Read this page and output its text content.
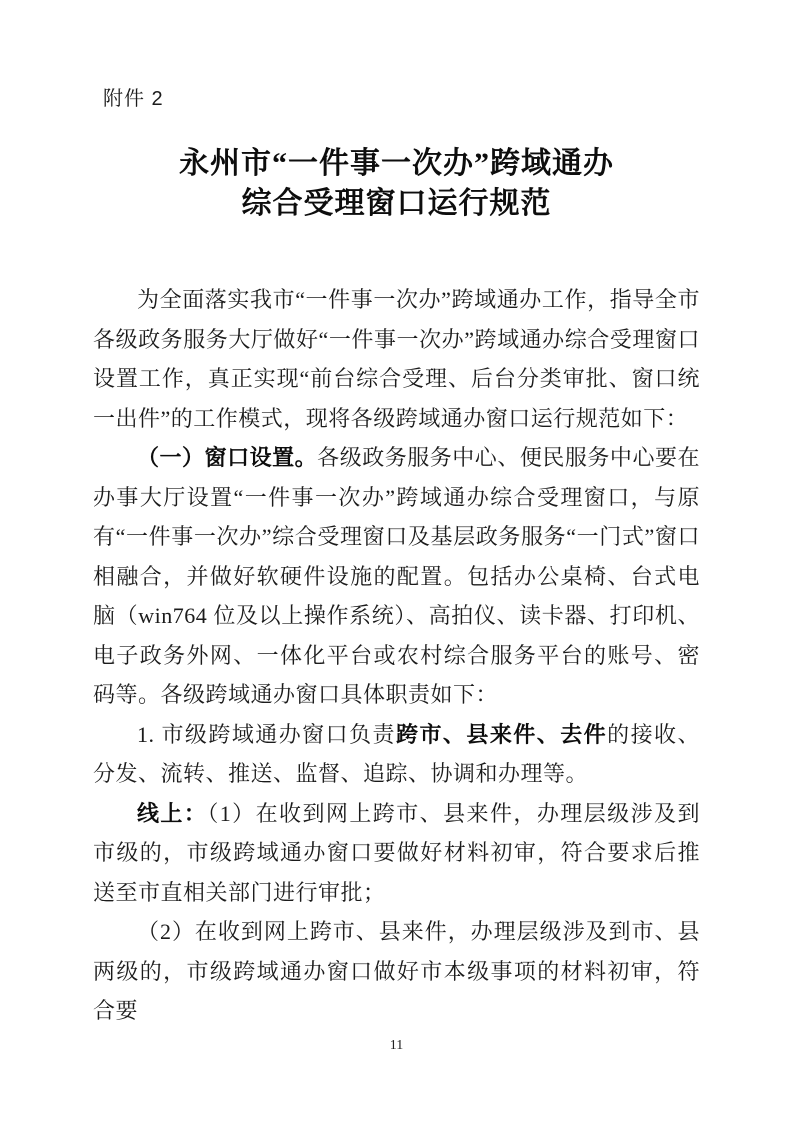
附件 2
永州市“一件事一次办”跨域通办
综合受理窗口运行规范

为全面落实我市“一件事一次办”跨域通办工作，指导全市各级政务服务大厅做好“一件事一次办”跨域通办综合受理窗口设置工作，真正实现“前台综合受理、后台分类审批、窗口统一出件”的工作模式，现将各级跨域通办窗口运行规范如下：

（一）窗口设置。各级政务服务中心、便民服务中心要在办事大厅设置“一件事一次办”跨域通办综合受理窗口，与原有“一件事一次办”综合受理窗口及基层政务服务“一门式”窗口相融合，并做好软硬件设施的配置。包括办公桌椅、台式电脑（win764 位及以上操作系统）、高拍仪、读卡器、打印机、电子政务外网、一体化平台或农村综合服务平台的账号、密码等。各级跨域通办窗口具体职责如下：

1. 市级跨域通办窗口负责跨市、县来件、去件的接收、分发、流转、推送、监督、追踪、协调和办理等。

线上：（1）在收到网上跨市、县来件，办理层级涉及到市级的，市级跨域通办窗口要做好材料初审，符合要求后推送至市直相关部门进行审批；

（2）在收到网上跨市、县来件，办理层级涉及到市、县两级的，市级跨域通办窗口做好市本级事项的材料初审，符合要

11
